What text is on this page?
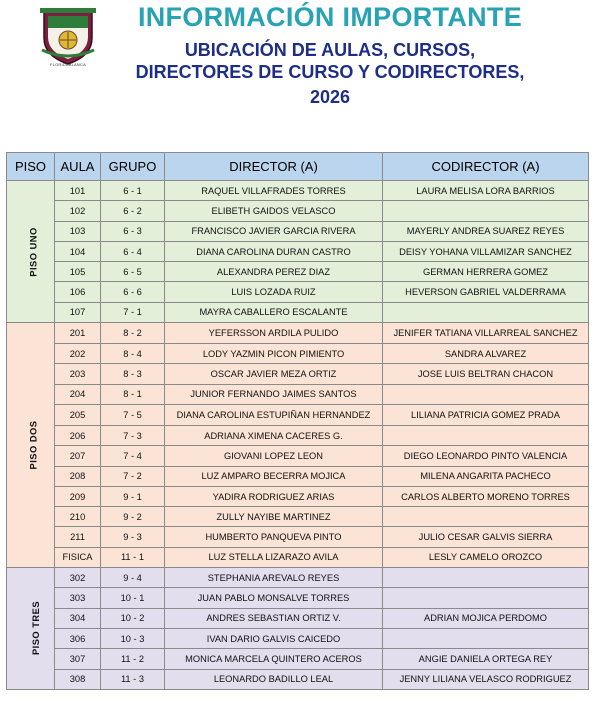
FLORIDABLANCA
INFORMACIÓN IMPORTANTE
UBICACIÓN DE AULAS, CURSOS,
DIRECTORES DE CURSO Y CODIRECTORES,
2026
PISO	AULA	GRUPO	DIRECTOR (A)	CODIRECTOR (A)
PISO UNO	101	6 - 1	RAQUEL VILLAFRADES TORRES	LAURA MELISA LORA BARRIOS
	102	6 - 2	ELIBETH GAIDOS VELASCO	
	103	6 - 3	FRANCISCO JAVIER GARCIA RIVERA	MAYERLY ANDREA SUAREZ REYES
	104	6 - 4	DIANA CAROLINA DURAN CASTRO	DEISY YOHANA VILLAMIZAR SANCHEZ
	105	6 - 5	ALEXANDRA PEREZ DIAZ	GERMAN HERRERA GOMEZ
	106	6 - 6	LUIS LOZADA RUIZ	HEVERSON GABRIEL VALDERRAMA
	107	7 - 1	MAYRA CABALLERO ESCALANTE	
PISO DOS	201	8 - 2	YEFERSSON ARDILA PULIDO	JENIFER TATIANA VILLARREAL SANCHEZ
	202	8 - 4	LODY YAZMIN PICON PIMIENTO	SANDRA ALVAREZ
	203	8 - 3	OSCAR JAVIER MEZA ORTIZ	JOSE LUIS BELTRAN CHACON
	204	8 - 1	JUNIOR FERNANDO JAIMES SANTOS	
	205	7 - 5	DIANA CAROLINA ESTUPIÑAN HERNANDEZ	LILIANA PATRICIA GOMEZ PRADA
	206	7 - 3	ADRIANA XIMENA CACERES G.	
	207	7 - 4	GIOVANI LOPEZ LEON	DIEGO LEONARDO PINTO VALENCIA
	208	7 - 2	LUZ AMPARO BECERRA MOJICA	MILENA ANGARITA PACHECO
	209	9 - 1	YADIRA RODRIGUEZ ARIAS	CARLOS ALBERTO MORENO TORRES
	210	9 - 2	ZULLY NAYIBE MARTINEZ	
	211	9 - 3	HUMBERTO PANQUEVA PINTO	JULIO CESAR GALVIS SIERRA
	FISICA	11 - 1	LUZ STELLA LIZARAZO AVILA	LESLY CAMELO OROZCO
PISO TRES	302	9 - 4	STEPHANIA AREVALO REYES	
	303	10 - 1	JUAN PABLO MONSALVE TORRES	
	304	10 - 2	ANDRES SEBASTIAN ORTIZ V.	ADRIAN MOJICA PERDOMO
	306	10 - 3	IVAN DARIO GALVIS CAICEDO	
	307	11 - 2	MONICA MARCELA QUINTERO ACEROS	ANGIE DANIELA ORTEGA REY
	308	11 - 3	LEONARDO BADILLO LEAL	JENNY LILIANA VELASCO RODRIGUEZ
